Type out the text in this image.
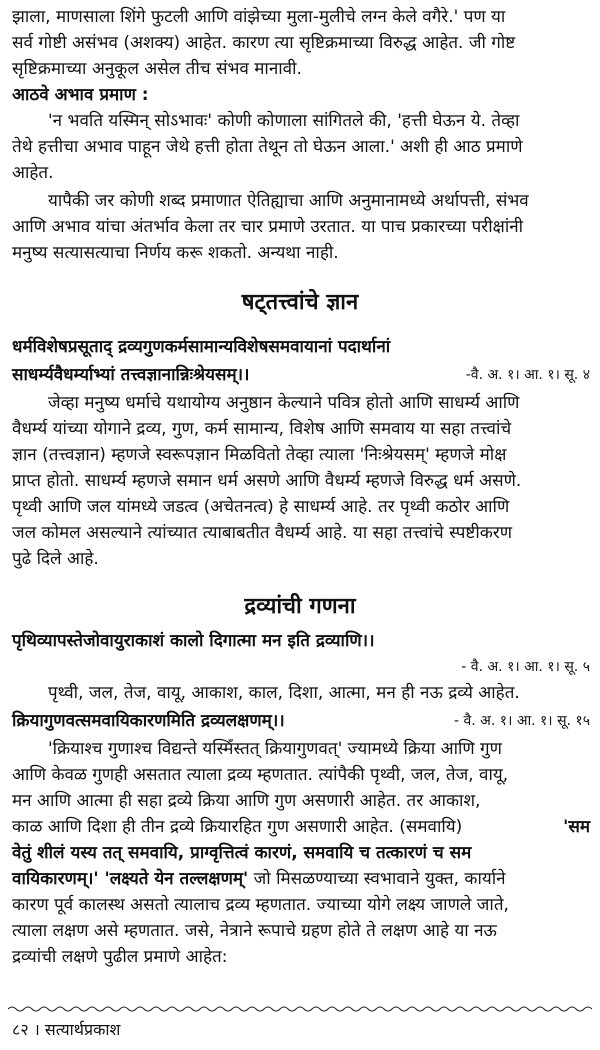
झाला, माणसाला शिंगे फुटली आणि वांझेच्या मुला-मुलीचे लग्न केले वगैरे.' पण या
सर्व गोष्टी असंभव (अशक्य) आहेत. कारण त्या सृष्टिक्रमाच्या विरुद्ध आहेत. जी गोष्ट
सृष्टिक्रमाच्या अनुकूल असेल तीच संभव मानावी.
आठवे अभाव प्रमाण :
'न भवति यस्मिन् सोऽभावः' कोणी कोणाला सांगितले की, 'हत्ती घेऊन ये. तेव्हा
तेथे हत्तीचा अभाव पाहून जेथे हत्ती होता तेथून तो घेऊन आला.' अशी ही आठ प्रमाणे
आहेत.
यापैकी जर कोणी शब्द प्रमाणात ऐतिह्याचा आणि अनुमानामध्ये अर्थापत्ती, संभव
आणि अभाव यांचा अंतर्भाव केला तर चार प्रमाणे उरतात. या पाच प्रकारच्या परीक्षांनी
मनुष्य सत्यासत्याचा निर्णय करू शकतो. अन्यथा नाही.
षट्तत्त्वांचे ज्ञान
धर्मविशेषप्रसूताद् द्रव्यगुणकर्मसामान्यविशेषसमवायानां पदार्थानां
साधर्म्यवैधर्म्याभ्यां तत्त्वज्ञानान्निःश्रेयसम्।।	-वै. अ. १। आ. १। सू. ४
जेव्हा मनुष्य धर्माचे यथायोग्य अनुष्ठान केल्याने पवित्र होतो आणि साधर्म्य आणि
वैधर्म्य यांच्या योगाने द्रव्य, गुण, कर्म सामान्य, विशेष आणि समवाय या सहा तत्त्वांचे
ज्ञान (तत्त्वज्ञान) म्हणजे स्वरूपज्ञान मिळवितो तेव्हा त्याला 'निःश्रेयसम्' म्हणजे मोक्ष
प्राप्त होतो. साधर्म्य म्हणजे समान धर्म असणे आणि वैधर्म्य म्हणजे विरुद्ध धर्म असणे.
पृथ्वी आणि जल यांमध्ये जडत्व (अचेतनत्व) हे साधर्म्य आहे. तर पृथ्वी कठोर आणि
जल कोमल असल्याने त्यांच्यात त्याबाबतीत वैधर्म्य आहे. या सहा तत्त्वांचे स्पष्टीकरण
पुढे दिले आहे.
द्रव्यांची गणना
पृथिव्यापस्तेजोवायुराकाशं कालो दिगात्मा मन इति द्रव्याणि।।
- वै. अ. १। आ. १। सू. ५
पृथ्वी, जल, तेज, वायू, आकाश, काल, दिशा, आत्मा, मन ही नऊ द्रव्ये आहेत.
क्रियागुणवत्समवायिकारणमिति द्रव्यलक्षणम्।।	- वै. अ. १। आ. १। सू. १५
'क्रियाश्च गुणाश्च विद्यन्ते यस्मिँस्तत् क्रियागुणवत्' ज्यामध्ये क्रिया आणि गुण
आणि केवळ गुणही असतात त्याला द्रव्य म्हणतात. त्यांपैकी पृथ्वी, जल, तेज, वायू,
मन आणि आत्मा ही सहा द्रव्ये क्रिया आणि गुण असणारी आहेत. तर आकाश,
काळ आणि दिशा ही तीन द्रव्ये क्रियारहित गुण असणारी आहेत. (समवायि)	'सम
वेतुं शीलं यस्य तत् समवायि, प्राग्वृत्तित्वं कारणं, समवायि च तत्कारणं च सम
वायिकारणम्।' 'लक्ष्यते येन तल्लक्षणम्' जो मिसळण्याच्या स्वभावाने युक्त, कार्याने
कारण पूर्व कालस्थ असतो त्यालाच द्रव्य म्हणतात. ज्याच्या योगे लक्ष्य जाणले जाते,
त्याला लक्षण असे म्हणतात. जसे, नेत्राने रूपाचे ग्रहण होते ते लक्षण आहे या नऊ
द्रव्यांची लक्षणे पुढील प्रमाणे आहेत:
८२ । सत्यार्थप्रकाश
